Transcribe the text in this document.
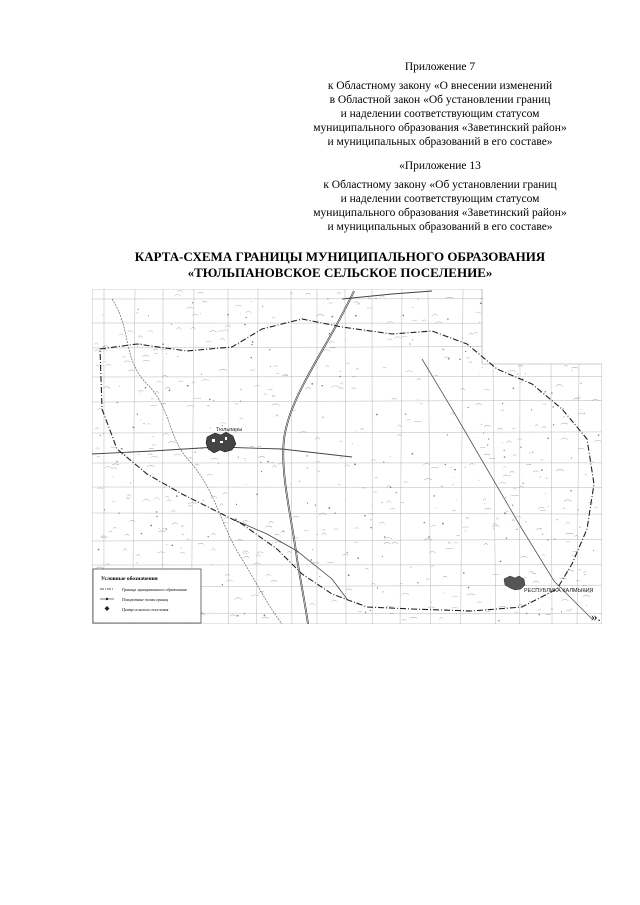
Приложение 7
к Областному закону «О внесении изменений
в Областной закон «Об установлении границ
и наделении соответствующим статусом
муниципального образования «Заветинский район»
и муниципальных образований в его составе»
«Приложение 13
к Областному закону «Об установлении границ
и наделении соответствующим статусом
муниципального образования «Заветинский район»
и муниципальных образований в его составе»
КАРТА-СХЕМА ГРАНИЦЫ МУНИЦИПАЛЬНОГО ОБРАЗОВАНИЯ
«ТЮЛЬПАНОВСКОЕ СЕЛЬСКОЕ ПОСЕЛЕНИЕ»
Тюльпаны
РЕСПУБЛИКА КАЛМЫКИЯ
Условные обозначения
Граница муниципального образования
Поворотные точки границ
Центр сельского поселения	».
